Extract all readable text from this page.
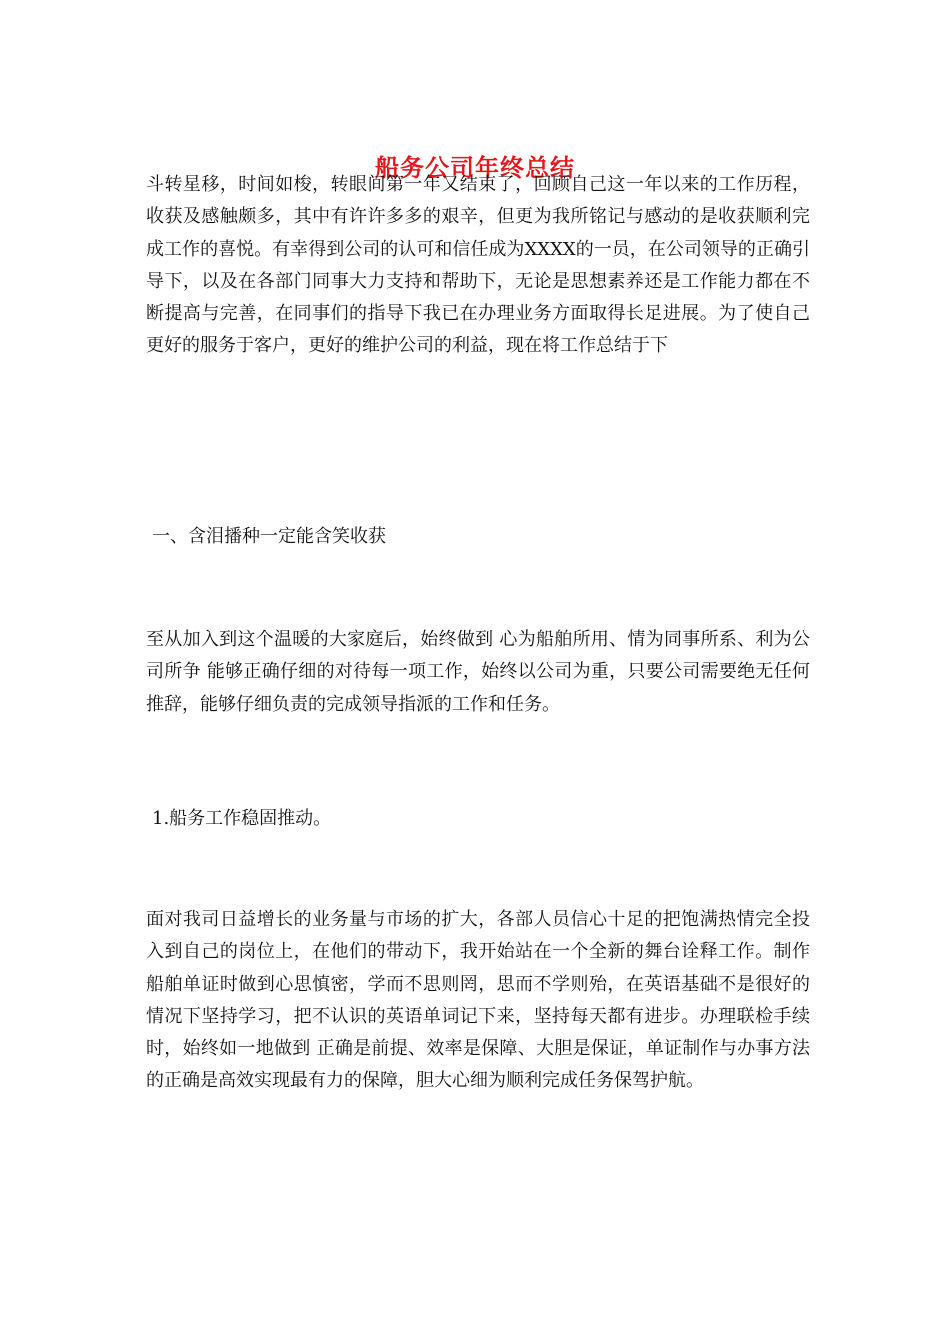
船务公司年终总结

斗转星移，时间如梭，转眼间第一年又结束了，回顾自己这一年以来的工作历程，收获及感触颇多，其中有许许多多的艰辛，但更为我所铭记与感动的是收获顺利完成工作的喜悦。有幸得到公司的认可和信任成为XXXX的一员，在公司领导的正确引导下，以及在各部门同事大力支持和帮助下，无论是思想素养还是工作能力都在不断提高与完善，在同事们的指导下我已在办理业务方面取得长足进展。为了使自己更好的服务于客户，更好的维护公司的利益，现在将工作总结于下

一、含泪播种一定能含笑收获

至从加入到这个温暖的大家庭后，始终做到 心为船舶所用、情为同事所系、利为公司所争 能够正确仔细的对待每一项工作，始终以公司为重，只要公司需要绝无任何推辞，能够仔细负责的完成领导指派的工作和任务。

1.船务工作稳固推动。

面对我司日益增长的业务量与市场的扩大，各部人员信心十足的把饱满热情完全投入到自己的岗位上，在他们的带动下，我开始站在一个全新的舞台诠释工作。制作船舶单证时做到心思慎密，学而不思则罔，思而不学则殆，在英语基础不是很好的情况下坚持学习，把不认识的英语单词记下来，坚持每天都有进步。办理联检手续时，始终如一地做到 正确是前提、效率是保障、大胆是保证，单证制作与办事方法的正确是高效实现最有力的保障，胆大心细为顺利完成任务保驾护航。
